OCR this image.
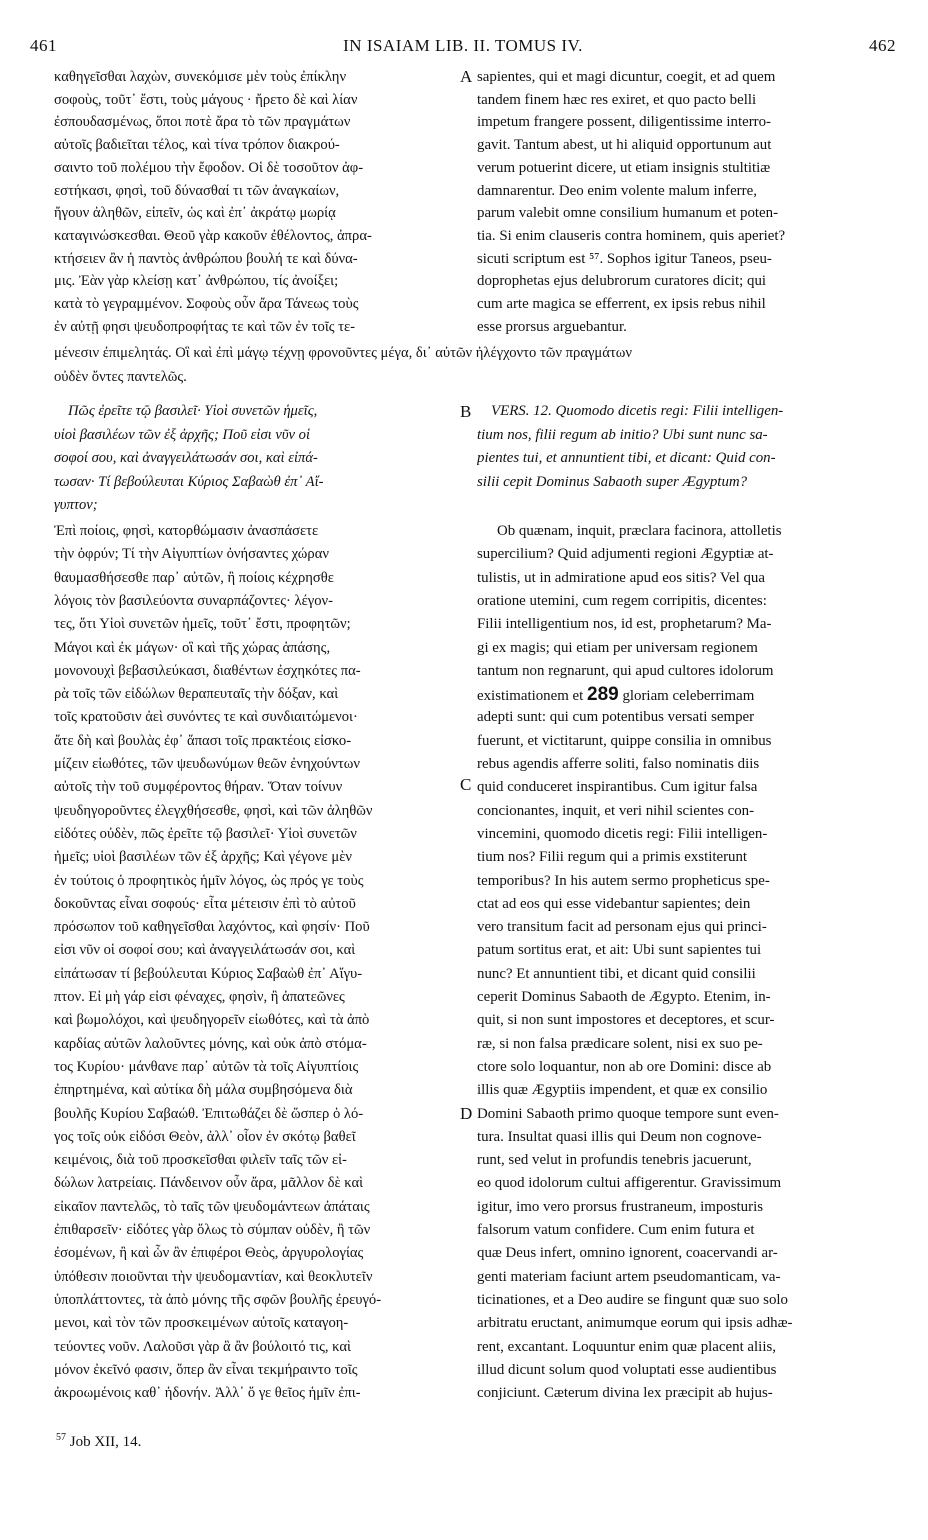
461	IN ISAIAM LIB. II. TOMUS IV.	462
καθηγεῖσθαι λαχὼν, συνεκόμισε μὲν τοὺς ἐπίκλην
σοφοὺς, τοῦτ᾽ ἔστι, τοὺς μάγους · ἤρετο δὲ καὶ λίαν
ἐσπουδασμένως, ὅποι ποτὲ ἄρα τὸ τῶν πραγμάτων
αὐτοῖς βαδιεῖται τέλος, καὶ τίνα τρόπον διακρού-
σαιντο τοῦ πολέμου τὴν ἔφοδον. Οἱ δὲ τοσοῦτον ἀφ-
εστήκασι, φησὶ, τοῦ δύνασθαί τι τῶν ἀναγκαίων,
ἤγουν ἀληθῶν, εἰπεῖν, ὡς καὶ ἐπ᾽ ἀκράτῳ μωρίᾳ
καταγινώσκεσθαι. Θεοῦ γὰρ κακοῦν ἐθέλοντος, ἀπρα-
κτήσειεν ἂν ἡ παντὸς ἀνθρώπου βουλή τε καὶ δύνα-
μις. Ἐὰν γὰρ κλείσῃ κατ᾽ ἀνθρώπου, τίς ἀνοίξει;
κατὰ τὸ γεγραμμένον. Σοφοὺς οὖν ἄρα Τάνεως τοὺς
ἐν αὐτῇ φησι ψευδοπροφήτας τε καὶ τῶν ἐν τοῖς τε-
sapientes, qui et magi dicuntur, coegit, et ad quem
tandem finem hæc res exiret, et quo pacto belli
impetum frangere possent, diligentissime interro-
gavit. Tantum abest, ut hi aliquid opportunum aut
verum potuerint dicere, ut etiam insignis stultitiæ
damnarentur. Deo enim volente malum inferre,
parum valebit omne consilium humanum et poten-
tia. Si enim clauseris contra hominem, quis aperiet?
sicuti scriptum est ⁵⁷. Sophos igitur Taneos, pseu-
doprophetas ejus delubrorum curatores dicit; qui
cum arte magica se efferrent, ex ipsis rebus nihil
esse prorsus arguebantur.
μένεσιν ἐπιμελητάς. Οἳ καὶ ἐπὶ μάγῳ τέχνῃ φρονοῦντες μέγα, δι᾽ αὐτῶν ἠλέγχοντο τῶν πραγμάτων
οὐδὲν ὄντες παντελῶς.
Πῶς ἐρεῖτε τῷ βασιλεῖ· Υἱοὶ συνετῶν ἡμεῖς,
υἱοὶ βασιλέων τῶν ἐξ ἀρχῆς; Ποῦ εἰσι νῦν οἱ
σοφοί σου, καὶ ἀναγγειλάτωσάν σοι, καὶ εἰπά-
τωσαν· Τί βεβούλευται Κύριος Σαβαὼθ ἐπ᾽ Αἴ-
γυπτον;
VERS. 12. Quomodo dicetis regi: Filii intelligen-
tium nos, filii regum ab initio? Ubi sunt nunc sa-
pientes tui, et annuntient tibi, et dicant: Quid con-
silii cepit Dominus Sabaoth super Ægyptum?
Ἐπὶ ποίοις, φησὶ, κατορθώμασιν ἀνασπάσετε
τὴν ὀφρύν; Τί τὴν Αἰγυπτίων ὀνήσαντες χώραν
θαυμασθήσεσθε παρ᾽ αὐτῶν, ἢ ποίοις κέχρησθε
λόγοις τὸν βασιλεύοντα συναρπάζοντες· λέγον-
τες, ὅτι Υἱοὶ συνετῶν ἡμεῖς, τοῦτ᾽ ἔστι, προφητῶν;
Μάγοι καὶ ἐκ μάγων· οἳ καὶ τῆς χώρας ἁπάσης,
μονονουχὶ βεβασιλεύκασι, διαθέντων ἐσχηκότες πα-
ρὰ τοῖς τῶν εἰδώλων θεραπευταῖς τὴν δόξαν, καὶ
τοῖς κρατοῦσιν ἀεὶ συνόντες τε καὶ συνδιαιτώμενοι·
ἅτε δὴ καὶ βουλὰς ἐφ᾽ ἅπασι τοῖς πρακτέοις εἰσκο-
μίζειν εἰωθότες, τῶν ψευδωνύμων θεῶν ἐνηχούντων
αὐτοῖς τὴν τοῦ συμφέροντος θήραν. Ὅταν τοίνυν
ψευδηγοροῦντες ἐλεγχθήσεσθε, φησὶ, καὶ τῶν ἀληθῶν
εἰδότες οὐδὲν, πῶς ἐρεῖτε τῷ βασιλεῖ· Υἱοὶ συνετῶν
ἡμεῖς; υἱοὶ βασιλέων τῶν ἐξ ἀρχῆς; Καὶ γέγονε μὲν
ἐν τούτοις ὁ προφητικὸς ἡμῖν λόγος, ὡς πρός γε τοὺς
δοκοῦντας εἶναι σοφούς· εἶτα μέτεισιν ἐπὶ τὸ αὐτοῦ
πρόσωπον τοῦ καθηγεῖσθαι λαχόντος, καὶ φησίν· Ποῦ
εἰσι νῦν οἱ σοφοί σου; καὶ ἀναγγειλάτωσάν σοι, καὶ
εἰπάτωσαν τί βεβούλευται Κύριος Σαβαὼθ ἐπ᾽ Αἴγυ-
πτον. Εἰ μὴ γάρ εἰσι φέναχες, φησὶν, ἢ ἀπατεῶνες
καὶ βωμολόχοι, καὶ ψευδηγορεῖν εἰωθότες, καὶ τὰ ἀπὸ
καρδίας αὐτῶν λαλοῦντες μόνης, καὶ οὐκ ἀπὸ στόμα-
τος Κυρίου· μάνθανε παρ᾽ αὐτῶν τὰ τοῖς Αἰγυπτίοις
ἐπηρτημένα, καὶ αὐτίκα δὴ μάλα συμβησόμενα διὰ
βουλῆς Κυρίου Σαβαώθ. Ἐπιτωθάζει δὲ ὥσπερ ὁ λό-
γος τοῖς οὐκ εἰδόσι Θεὸν, ἀλλ᾽ οἷον ἐν σκότῳ βαθεῖ
κειμένοις, διὰ τοῦ προσκεῖσθαι φιλεῖν ταῖς τῶν εἰ-
δώλων λατρείαις. Πάνδεινον οὖν ἄρα, μᾶλλον δὲ καὶ
εἰκαῖον παντελῶς, τὸ ταῖς τῶν ψευδομάντεων ἀπάταις
ἐπιθαρσεῖν· εἰδότες γὰρ ὅλως τὸ σύμπαν οὐδὲν, ἢ τῶν
ἐσομένων, ἢ καὶ ὧν ἂν ἐπιφέροι Θεὸς, ἀργυρολογίας
ὑπόθεσιν ποιοῦνται τὴν ψευδομαντίαν, καὶ θεοκλυτεῖν
ὑποπλάττοντες, τὰ ἀπὸ μόνης τῆς σφῶν βουλῆς ἐρευγό-
μενοι, καὶ τὸν τῶν προσκειμένων αὐτοῖς καταγοη-
τεύοντες νοῦν. Λαλοῦσι γὰρ ἃ ἂν βούλοιτό τις, καὶ
μόνον ἐκεῖνό φασιν, ὅπερ ἂν εἶναι τεκμήραιντο τοῖς
ἀκροωμένοις καθ᾽ ἡδονήν. Ἀλλ᾽ ὅ γε θεῖος ἡμῖν ἐπι-
Ob quænam, inquit, præclara facinora, attolletis
supercilium? Quid adjumenti regioni Ægyptiæ at-
tulistis, ut in admiratione apud eos sitis? Vel qua
oratione utemini, cum regem corripitis, dicentes:
Filii intelligentium nos, id est, prophetarum? Ma-
gi ex magis; qui etiam per universam regionem
tantum non regnarunt, qui apud cultores idolorum
existimationem et 289 gloriam celeberrimam
adepti sunt: qui cum potentibus versati semper
fuerunt, et victitarunt, quippe consilia in omnibus
rebus agendis afferre soliti, falso nominatis diis
quid conduceret inspirantibus. Cum igitur falsa
concionantes, inquit, et veri nihil scientes con-
vincemini, quomodo dicetis regi: Filii intelligen-
tium nos? Filii regum qui a primis exstiterunt
temporibus? In his autem sermo propheticus spe-
ctat ad eos qui esse videbantur sapientes; dein
vero transitum facit ad personam ejus qui princi-
patum sortitus erat, et ait: Ubi sunt sapientes tui
nunc? Et annuntient tibi, et dicant quid consilii
ceperit Dominus Sabaoth de Ægypto. Etenim, in-
quit, si non sunt impostores et deceptores, et scur-
ræ, si non falsa prædicare solent, nisi ex suo pe-
ctore solo loquantur, non ab ore Domini: disce ab
illis quæ Ægyptiis impendent, et quæ ex consilio
Domini Sabaoth primo quoque tempore sunt even-
tura. Insultat quasi illis qui Deum non cognove-
runt, sed velut in profundis tenebris jacuerunt,
eo quod idolorum cultui affigerentur. Gravissimum
igitur, imo vero prorsus frustraneum, imposturis
falsorum vatum confidere. Cum enim futura et
quæ Deus infert, omnino ignorent, coacervandi ar-
genti materiam faciunt artem pseudomanticam, va-
ticinationes, et a Deo audire se fingunt quæ suo solo
arbitratu eructant, animumque eorum qui ipsis adhæ-
rent, excantant. Loquuntur enim quæ placent aliis,
illud dicunt solum quod voluptati esse audientibus
conjiciunt. Cæterum divina lex præcipit ab hujus-
A
B
C
D
$^{57}$ Job XII, 14.
